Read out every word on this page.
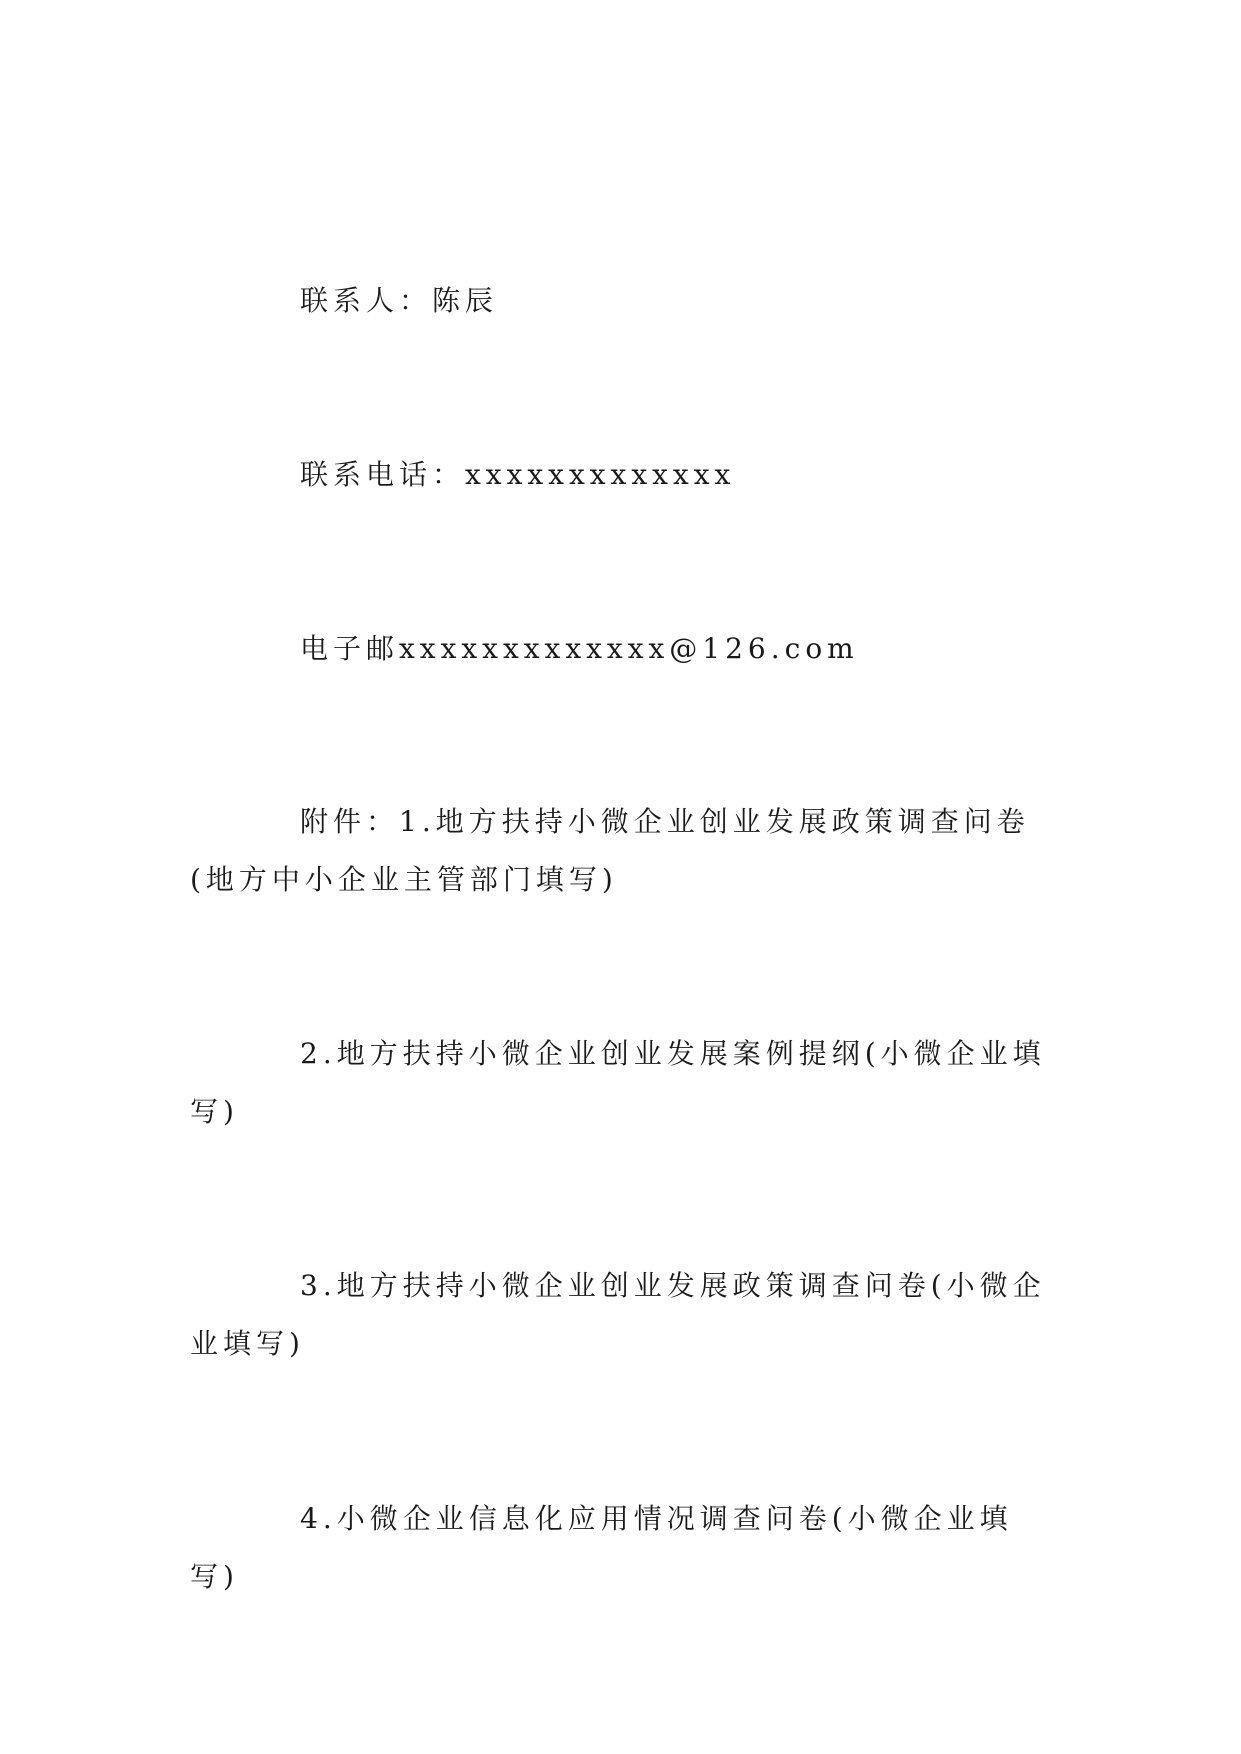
联系人：陈辰

联系电话：xxxxxxxxxxxxx

电子邮xxxxxxxxxxxxx@126.com

附件：1.地方扶持小微企业创业发展政策调查问卷(地方中小企业主管部门填写)

2.地方扶持小微企业创业发展案例提纲(小微企业填写)

3.地方扶持小微企业创业发展政策调查问卷(小微企业填写)

4.小微企业信息化应用情况调查问卷(小微企业填写)
